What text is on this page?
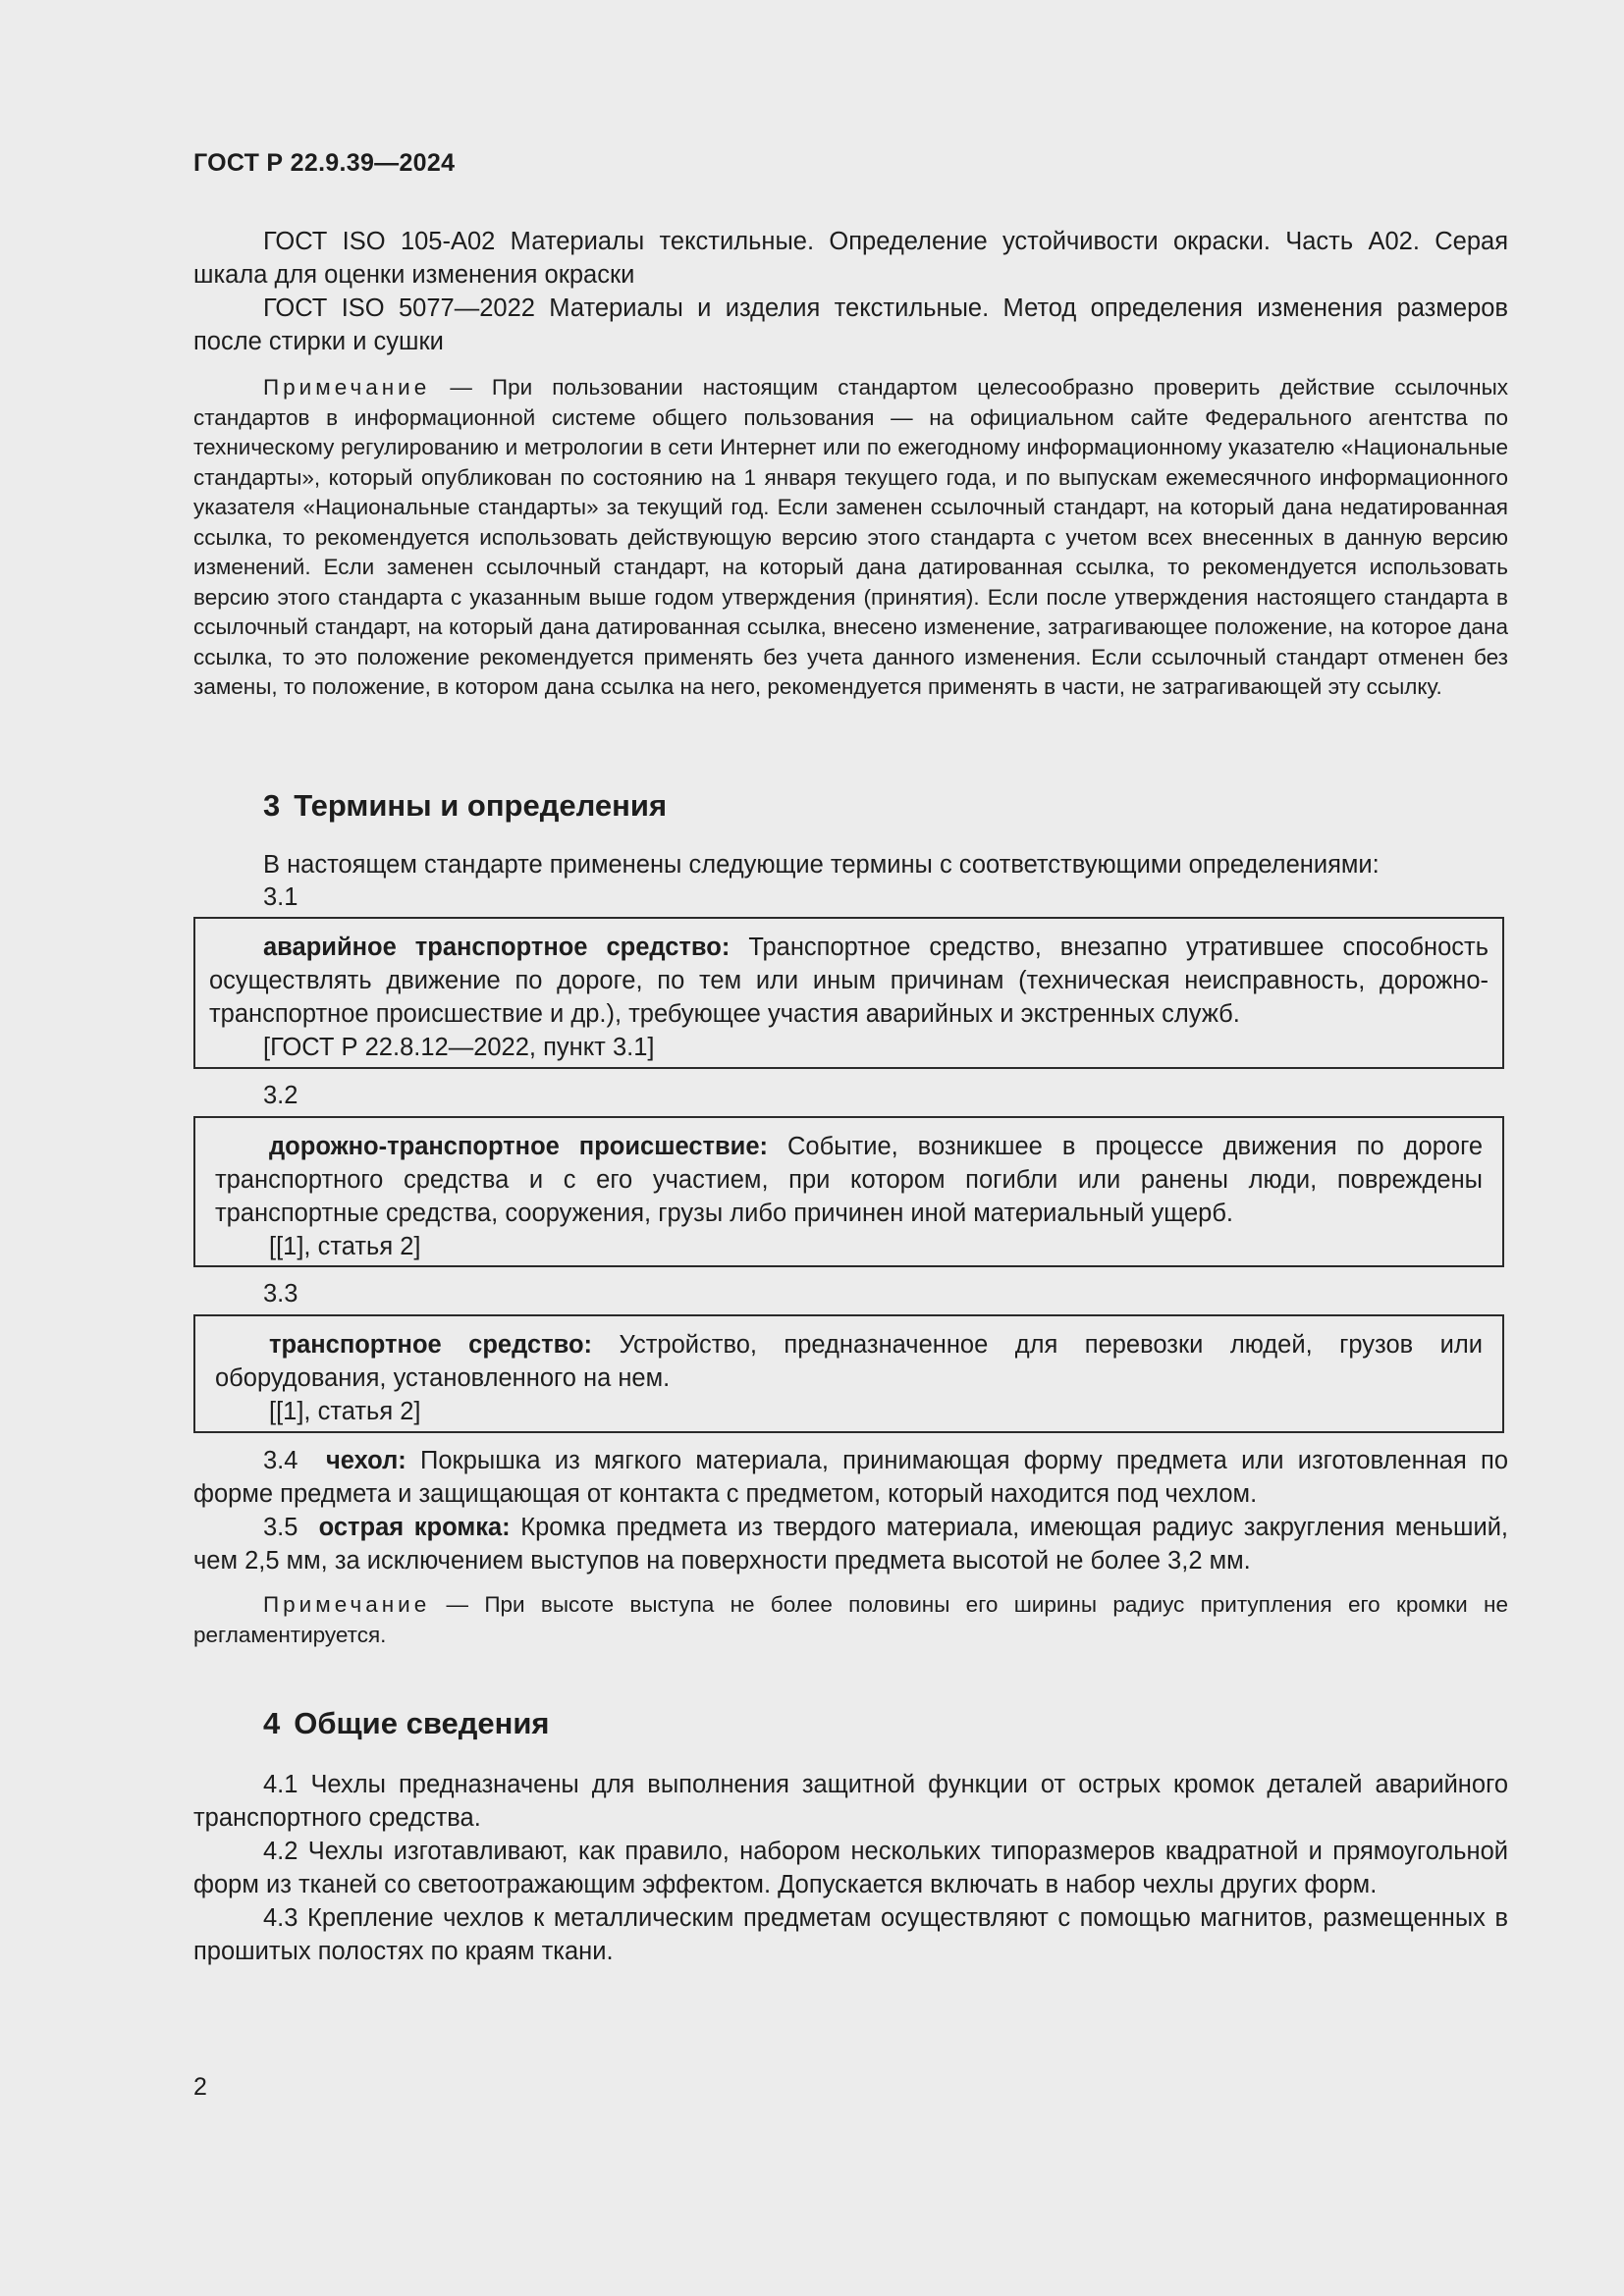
ГОСТ Р 22.9.39—2024

ГОСТ ISO 105-A02 Материалы текстильные. Определение устойчивости окраски. Часть А02. Серая шкала для оценки изменения окраски

ГОСТ ISO 5077—2022 Материалы и изделия текстильные. Метод определения изменения размеров после стирки и сушки

Примечание — При пользовании настоящим стандартом целесообразно проверить действие ссылочных стандартов в информационной системе общего пользования — на официальном сайте Федерального агентства по техническому регулированию и метрологии в сети Интернет или по ежегодному информационному указателю «Национальные стандарты», который опубликован по состоянию на 1 января текущего года, и по выпускам ежемесячного информационного указателя «Национальные стандарты» за текущий год. Если заменен ссылочный стандарт, на который дана недатированная ссылка, то рекомендуется использовать действующую версию этого стандарта с учетом всех внесенных в данную версию изменений. Если заменен ссылочный стандарт, на который дана датированная ссылка, то рекомендуется использовать версию этого стандарта с указанным выше годом утверждения (принятия). Если после утверждения настоящего стандарта в ссылочный стандарт, на который дана датированная ссылка, внесено изменение, затрагивающее положение, на которое дана ссылка, то это положение рекомендуется применять без учета данного изменения. Если ссылочный стандарт отменен без замены, то положение, в котором дана ссылка на него, рекомендуется применять в части, не затрагивающей эту ссылку.

3 Термины и определения

В настоящем стандарте применены следующие термины с соответствующими определениями:

3.1

аварийное транспортное средство: Транспортное средство, внезапно утратившее способность осуществлять движение по дороге, по тем или иным причинам (техническая неисправность, дорожно-транспортное происшествие и др.), требующее участия аварийных и экстренных служб.

[ГОСТ Р 22.8.12—2022, пункт 3.1]

3.2

дорожно-транспортное происшествие: Событие, возникшее в процессе движения по дороге транспортного средства и с его участием, при котором погибли или ранены люди, повреждены транспортные средства, сооружения, грузы либо причинен иной материальный ущерб.

[[1], статья 2]

3.3

транспортное средство: Устройство, предназначенное для перевозки людей, грузов или оборудования, установленного на нем.

[[1], статья 2]

3.4 чехол: Покрышка из мягкого материала, принимающая форму предмета или изготовленная по форме предмета и защищающая от контакта с предметом, который находится под чехлом.

3.5 острая кромка: Кромка предмета из твердого материала, имеющая радиус закругления меньший, чем 2,5 мм, за исключением выступов на поверхности предмета высотой не более 3,2 мм.

Примечание — При высоте выступа не более половины его ширины радиус притупления его кромки не регламентируется.

4 Общие сведения

4.1 Чехлы предназначены для выполнения защитной функции от острых кромок деталей аварийного транспортного средства.

4.2 Чехлы изготавливают, как правило, набором нескольких типоразмеров квадратной и прямоугольной форм из тканей со светоотражающим эффектом. Допускается включать в набор чехлы других форм.

4.3 Крепление чехлов к металлическим предметам осуществляют с помощью магнитов, размещенных в прошитых полостях по краям ткани.

2
